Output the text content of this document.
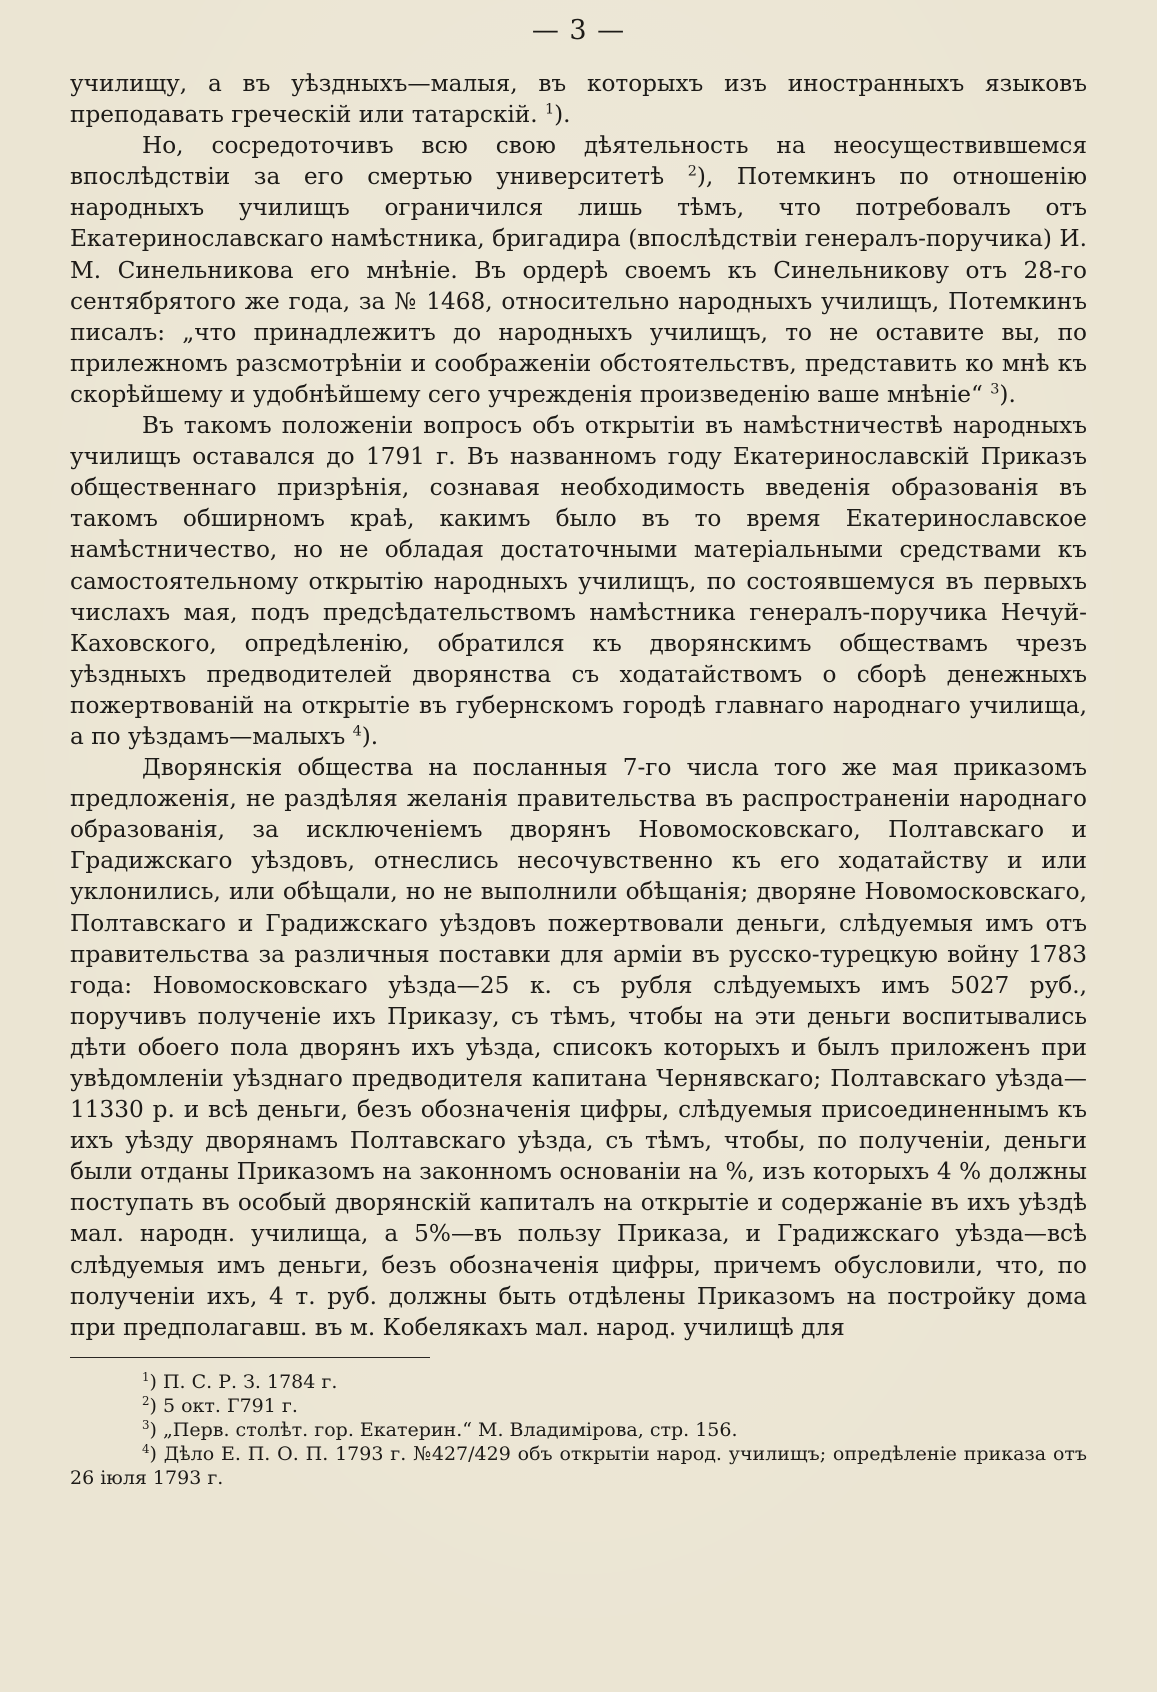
— 3 —

училищу, а въ уѣздныхъ—малыя, въ которыхъ изъ иностранныхъ языковъ преподавать греческій или татарскій. $^1$).

Но, сосредоточивъ всю свою дѣятельность на неосуществившемся впослѣдствіи за его смертью университетѣ $^2$), Потемкинъ по отношенію народныхъ училищъ ограничился лишь тѣмъ, что потребовалъ отъ Екатеринославскаго намѣстника, бригадира (впослѣдствіи генералъ-поручика) И. М. Синельникова его мнѣніе. Въ ордерѣ своемъ къ Синельникову отъ 28-го сентябрятого же года, за № 1468, относительно народныхъ училищъ, Потемкинъ писалъ: „что принадлежитъ до народныхъ училищъ, то не оставите вы, по прилежномъ разсмотрѣніи и соображеніи обстоятельствъ, представить ко мнѣ къ скорѣйшему и удобнѣйшему сего учрежденія произведенію ваше мнѣніе“ $^3$).

Въ такомъ положеніи вопросъ объ открытіи въ намѣстничествѣ народныхъ училищъ оставался до 1791 г. Въ названномъ году Екатеринославскій Приказъ общественнаго призрѣнія, сознавая необходимость введенія образованія въ такомъ обширномъ краѣ, какимъ было въ то время Екатеринославское намѣстничество, но не обладая достаточными матеріальными средствами къ самостоятельному открытію народныхъ училищъ, по состоявшемуся въ первыхъ числахъ мая, подъ предсѣдательствомъ намѣстника генералъ-поручика Нечуй-Каховского, опредѣленію, обратился къ дворянскимъ обществамъ чрезъ уѣздныхъ предводителей дворянства съ ходатайствомъ о сборѣ денежныхъ пожертвованій на открытіе въ губернскомъ городѣ главнаго народнаго училища, а по уѣздамъ—малыхъ $^4$).

Дворянскія общества на посланныя 7-го числа того же мая приказомъ предложенія, не раздѣляя желанія правительства въ распространеніи народнаго образованія, за исключеніемъ дворянъ Новомосковскаго, Полтавскаго и Градижскаго уѣздовъ, отнеслись несочувственно къ его ходатайству и или уклонились, или обѣщали, но не выполнили обѣщанія; дворяне Новомосковскаго, Полтавскаго и Градижскаго уѣздовъ пожертвовали деньги, слѣдуемыя имъ отъ правительства за различныя поставки для арміи въ русско-турецкую войну 1783 года: Новомосковскаго уѣзда—25 к. съ рубля слѣдуемыхъ имъ 5027 руб., поручивъ полученіе ихъ Приказу, съ тѣмъ, чтобы на эти деньги воспитывались дѣти обоего пола дворянъ ихъ уѣзда, списокъ которыхъ и былъ приложенъ при увѣдомленіи уѣзднаго предводителя капитана Чернявскаго; Полтавскаго уѣзда—11330 р. и всѣ деньги, безъ обозначенія цифры, слѣдуемыя присоединеннымъ къ ихъ уѣзду дворянамъ Полтавскаго уѣзда, съ тѣмъ, чтобы, по полученіи, деньги были отданы Приказомъ на законномъ основаніи на %, изъ которыхъ 4 % должны поступать въ особый дворянскій капиталъ на открытіе и содержаніе въ ихъ уѣздѣ мал. народн. училища, а 5%—въ пользу Приказа, и Градижскаго уѣзда—всѣ слѣдуемыя имъ деньги, безъ обозначенія цифры, причемъ обусловили, что, по полученіи ихъ, 4 т. руб. должны быть отдѣлены Приказомъ на постройку дома при предполагавш. въ м. Кобелякахъ мал. народ. училищѣ для

$^1$) П. С. Р. З. 1784 г.
$^2$) 5 окт. Г791 г.
$^3$) „Перв. столѣт. гор. Екатерин.“ М. Владимірова, стр. 156.
$^4$) Дѣло Е. П. О. П. 1793 г. №427/429 объ открытіи народ. училищъ; опредѣленіе приказа отъ 26 іюля 1793 г.
